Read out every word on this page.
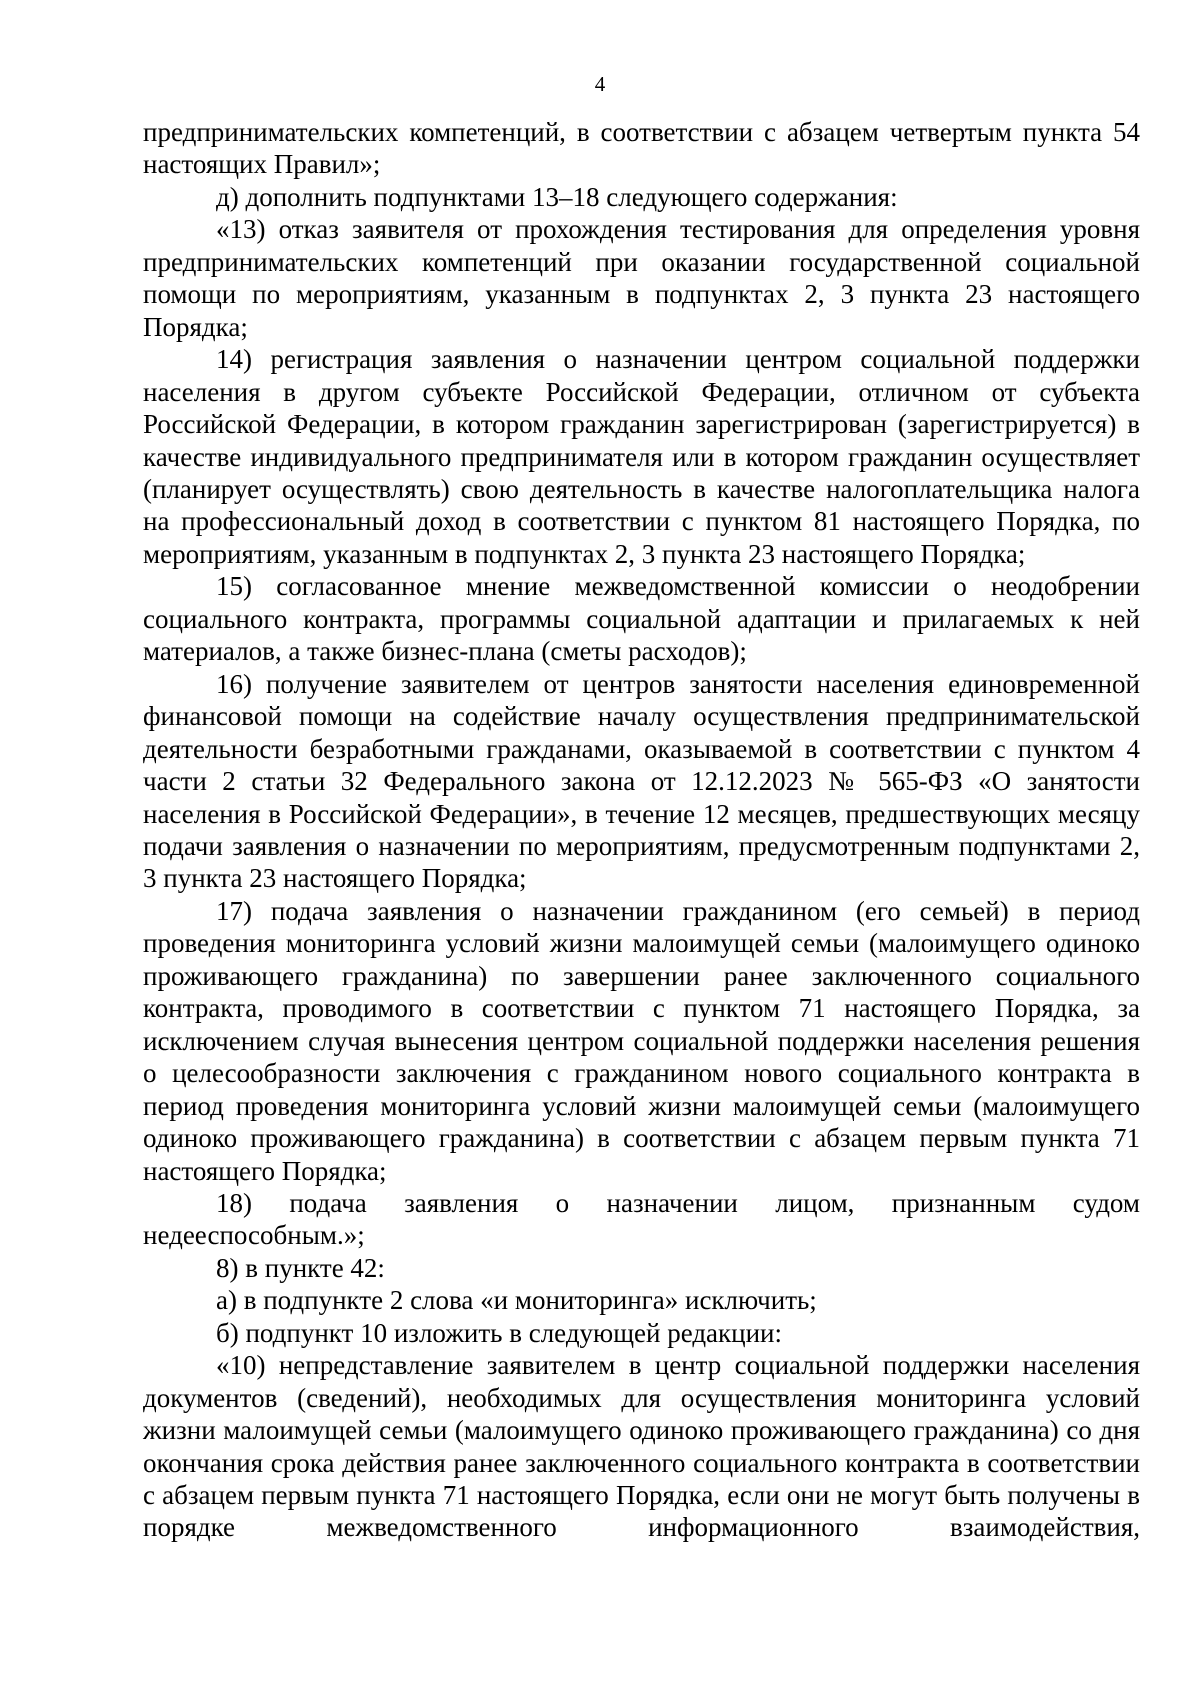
4

предпринимательских компетенций, в соответствии с абзацем четвертым пункта 54 настоящих Правил»;

д) дополнить подпунктами 13–18 следующего содержания:

«13) отказ заявителя от прохождения тестирования для определения уровня предпринимательских компетенций при оказании государственной социальной помощи по мероприятиям, указанным в подпунктах 2, 3 пункта 23 настоящего Порядка;

14) регистрация заявления о назначении центром социальной поддержки населения в другом субъекте Российской Федерации, отличном от субъекта Российской Федерации, в котором гражданин зарегистрирован (зарегистрируется) в качестве индивидуального предпринимателя или в котором гражданин осуществляет (планирует осуществлять) свою деятельность в качестве налогоплательщика налога на профессиональный доход в соответствии с пунктом 81 настоящего Порядка, по мероприятиям, указанным в подпунктах 2, 3 пункта 23 настоящего Порядка;

15) согласованное мнение межведомственной комиссии о неодобрении социального контракта, программы социальной адаптации и прилагаемых к ней материалов, а также бизнес-плана (сметы расходов);

16) получение заявителем от центров занятости населения единовременной финансовой помощи на содействие началу осуществления предпринимательской деятельности безработными гражданами, оказываемой в соответствии с пунктом 4 части 2 статьи 32 Федерального закона от 12.12.2023 № 565-ФЗ «О занятости населения в Российской Федерации», в течение 12 месяцев, предшествующих месяцу подачи заявления о назначении по мероприятиям, предусмотренным подпунктами 2, 3 пункта 23 настоящего Порядка;

17) подача заявления о назначении гражданином (его семьей) в период проведения мониторинга условий жизни малоимущей семьи (малоимущего одиноко проживающего гражданина) по завершении ранее заключенного социального контракта, проводимого в соответствии с пунктом 71 настоящего Порядка, за исключением случая вынесения центром социальной поддержки населения решения о целесообразности заключения с гражданином нового социального контракта в период проведения мониторинга условий жизни малоимущей семьи (малоимущего одиноко проживающего гражданина) в соответствии с абзацем первым пункта 71 настоящего Порядка;

18) подача заявления о назначении лицом, признанным судом недееспособным.»;

8) в пункте 42:

а) в подпункте 2 слова «и мониторинга» исключить;

б) подпункт 10 изложить в следующей редакции:

«10) непредставление заявителем в центр социальной поддержки населения документов (сведений), необходимых для осуществления мониторинга условий жизни малоимущей семьи (малоимущего одиноко проживающего гражданина) со дня окончания срока действия ранее заключенного социального контракта в соответствии с абзацем первым пункта 71 настоящего Порядка, если они не могут быть получены в порядке межведомственного информационного взаимодействия,
